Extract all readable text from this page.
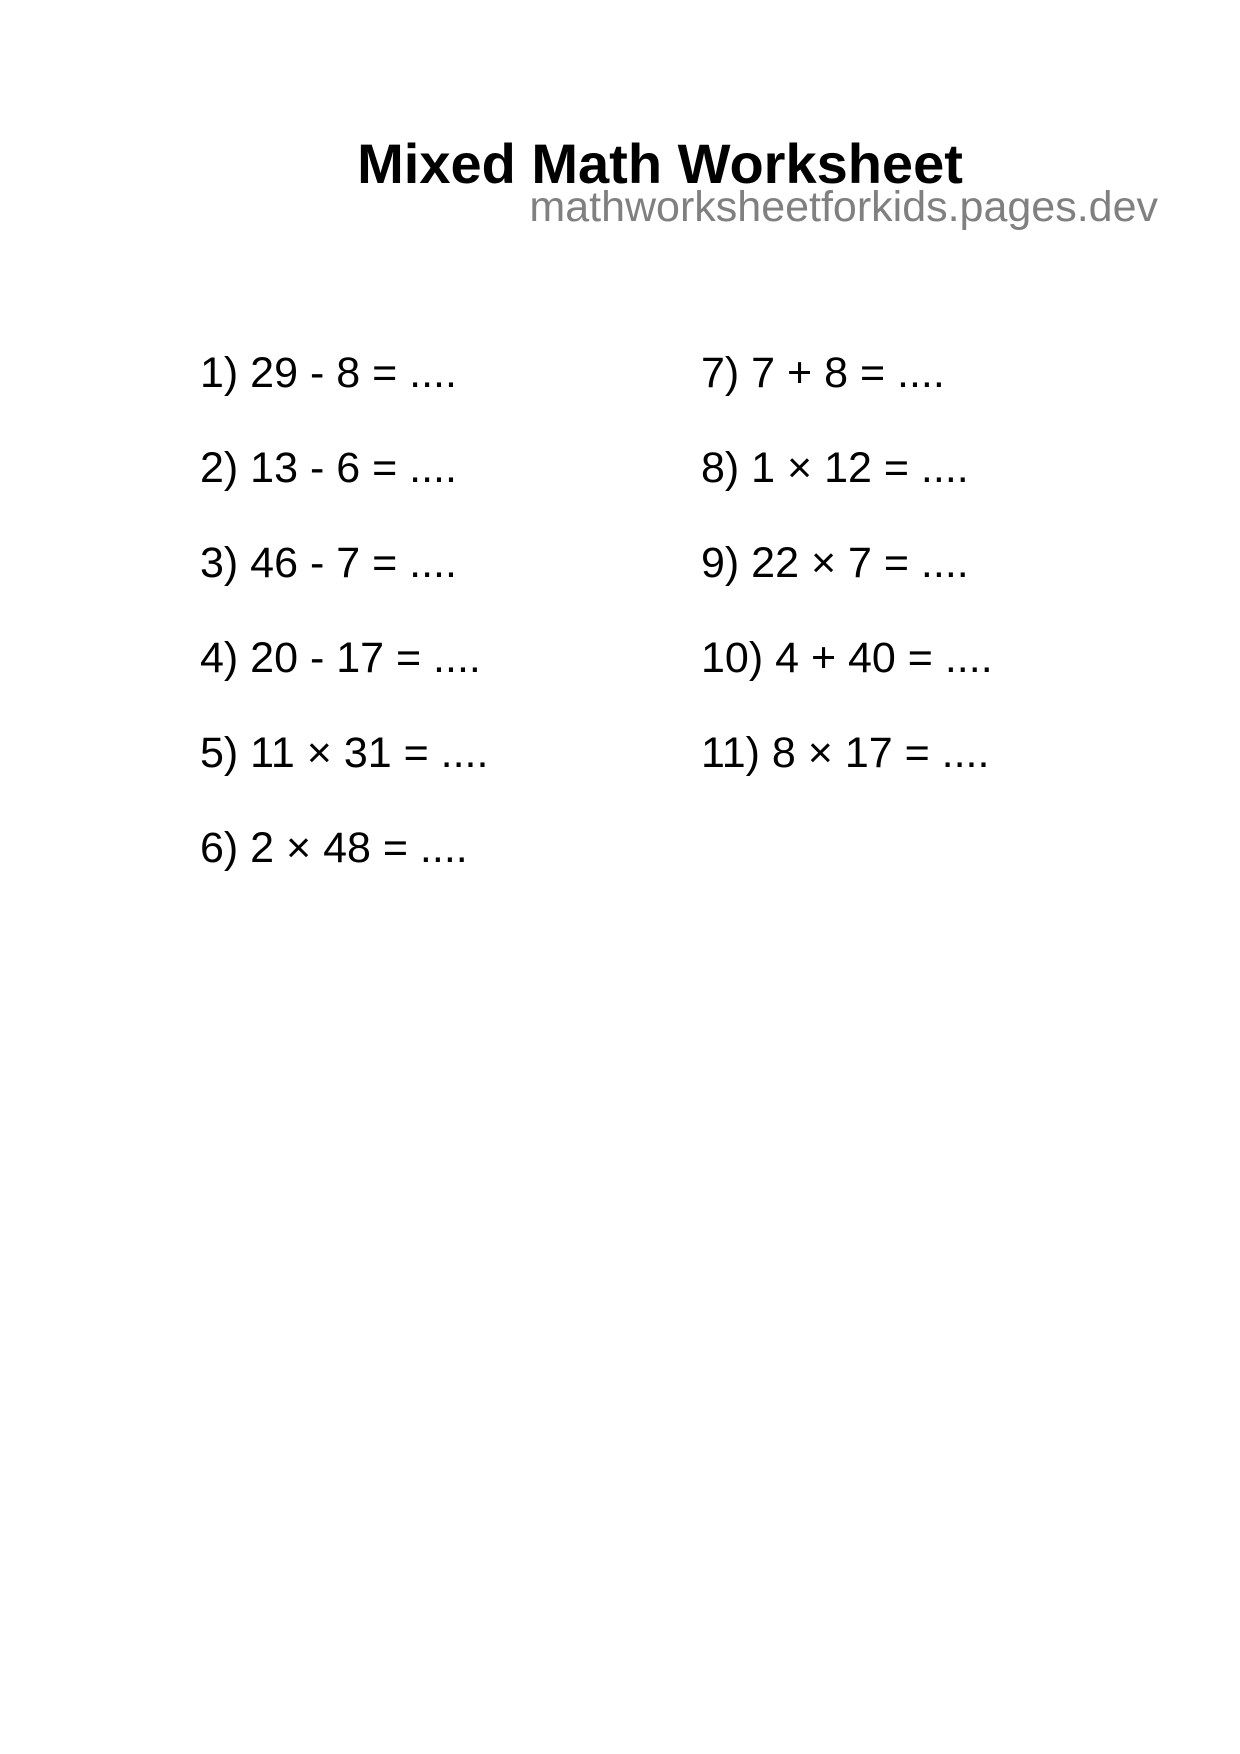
Mixed Math Worksheet
mathworksheetforkids.pages.dev
1) 29 - 8 = ....
2) 13 - 6 = ....
3) 46 - 7 = ....
4) 20 - 17 = ....
5) 11 × 31 = ....
6) 2 × 48 = ....
7) 7 + 8 = ....
8) 1 × 12 = ....
9) 22 × 7 = ....
10) 4 + 40 = ....
11) 8 × 17 = ....
